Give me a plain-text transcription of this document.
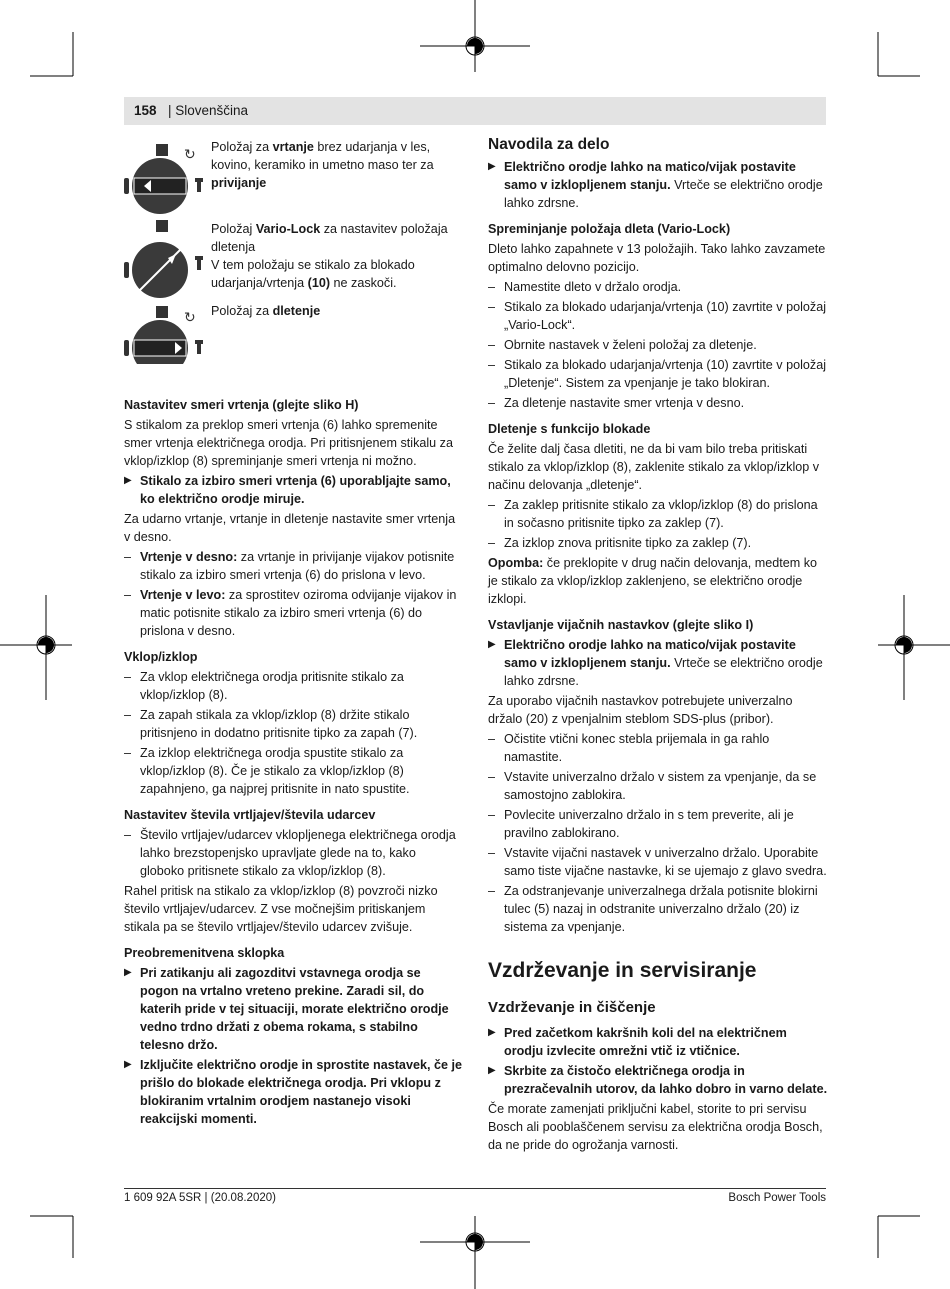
158 | Slovenščina
↻
↻
Položaj za vrtanje brez udarjanja v les, kovino, keramiko in umetno maso ter za privijanje
Položaj Vario-Lock za nastavitev položaja dletenja
V tem položaju se stikalo za blokado udarjanja/vrtenja (10) ne zaskoči.
Položaj za dletenje

Nastavitev smeri vrtenja (glejte sliko H)

S stikalom za preklop smeri vrtenja (6) lahko spremenite smer vrtenja električnega orodja. Pri pritisnjenem stikalu za vklop/izklop (8) spreminjanje smeri vrtenja ni možno.

▶ Stikalo za izbiro smeri vrtenja (6) uporabljajte samo, ko električno orodje miruje.

Za udarno vrtanje, vrtanje in dletenje nastavite smer vrtenja v desno.

– Vrtenje v desno: za vrtanje in privijanje vijakov potisnite stikalo za izbiro smeri vrtenja (6) do prislona v levo.

– Vrtenje v levo: za sprostitev oziroma odvijanje vijakov in matic potisnite stikalo za izbiro smeri vrtenja (6) do prislona v desno.

Vklop/izklop

– Za vklop električnega orodja pritisnite stikalo za vklop/izklop (8).

– Za zapah stikala za vklop/izklop (8) držite stikalo pritisnjeno in dodatno pritisnite tipko za zapah (7).

– Za izklop električnega orodja spustite stikalo za vklop/izklop (8). Če je stikalo za vklop/izklop (8) zapahnjeno, ga najprej pritisnite in nato spustite.

Nastavitev števila vrtljajev/števila udarcev

– Število vrtljajev/udarcev vklopljenega električnega orodja lahko brezstopenjsko upravljate glede na to, kako globoko pritisnete stikalo za vklop/izklop (8).

Rahel pritisk na stikalo za vklop/izklop (8) povzroči nizko število vrtljajev/udarcev. Z vse močnejšim pritiskanjem stikala pa se število vrtljajev/število udarcev zvišuje.

Preobremenitvena sklopka

▶ Pri zatikanju ali zagozditvi vstavnega orodja se pogon na vrtalno vreteno prekine. Zaradi sil, do katerih pride v tej situaciji, morate električno orodje vedno trdno držati z obema rokama, s stabilno telesno držo.

▶ Izključite električno orodje in sprostite nastavek, če je prišlo do blokade električnega orodja. Pri vklopu z blokiranim vrtalnim orodjem nastanejo visoki reakcijski momenti.

Navodila za delo

▶ Električno orodje lahko na matico/vijak postavite samo v izklopljenem stanju. Vrteče se električno orodje lahko zdrsne.

Spreminjanje položaja dleta (Vario-Lock)

Dleto lahko zapahnete v 13 položajih. Tako lahko zavzamete optimalno delovno pozicijo.

– Namestite dleto v držalo orodja.

– Stikalo za blokado udarjanja/vrtenja (10) zavrtite v položaj „Vario-Lock“.

– Obrnite nastavek v želeni položaj za dletenje.

– Stikalo za blokado udarjanja/vrtenja (10) zavrtite v položaj „Dletenje“. Sistem za vpenjanje je tako blokiran.

– Za dletenje nastavite smer vrtenja v desno.

Dletenje s funkcijo blokade

Če želite dalj časa dletiti, ne da bi vam bilo treba pritiskati stikalo za vklop/izklop (8), zaklenite stikalo za vklop/izklop v načinu delovanja „dletenje“.

– Za zaklep pritisnite stikalo za vklop/izklop (8) do prislona in sočasno pritisnite tipko za zaklep (7).

– Za izklop znova pritisnite tipko za zaklep (7).

Opomba: če preklopite v drug način delovanja, medtem ko je stikalo za vklop/izklop zaklenjeno, se električno orodje izklopi.

Vstavljanje vijačnih nastavkov (glejte sliko I)

▶ Električno orodje lahko na matico/vijak postavite samo v izklopljenem stanju. Vrteče se električno orodje lahko zdrsne.

Za uporabo vijačnih nastavkov potrebujete univerzalno držalo (20) z vpenjalnim steblom SDS-plus (pribor).

– Očistite vtični konec stebla prijemala in ga rahlo namastite.

– Vstavite univerzalno držalo v sistem za vpenjanje, da se samostojno zablokira.

– Povlecite univerzalno držalo in s tem preverite, ali je pravilno zablokirano.

– Vstavite vijačni nastavek v univerzalno držalo. Uporabite samo tiste vijačne nastavke, ki se ujemajo z glavo svedra.

– Za odstranjevanje univerzalnega držala potisnite blokirni tulec (5) nazaj in odstranite univerzalno držalo (20) iz sistema za vpenjanje.

Vzdrževanje in servisiranje

Vzdrževanje in čiščenje

▶ Pred začetkom kakršnih koli del na električnem orodju izvlecite omrežni vtič iz vtičnice.

▶ Skrbite za čistočo električnega orodja in prezračevalnih utorov, da lahko dobro in varno delate.

Če morate zamenjati priključni kabel, storite to pri servisu Bosch ali pooblaščenem servisu za električna orodja Bosch, da ne pride do ogrožanja varnosti.

1 609 92A 5SR | (20.08.2020)	Bosch Power Tools
